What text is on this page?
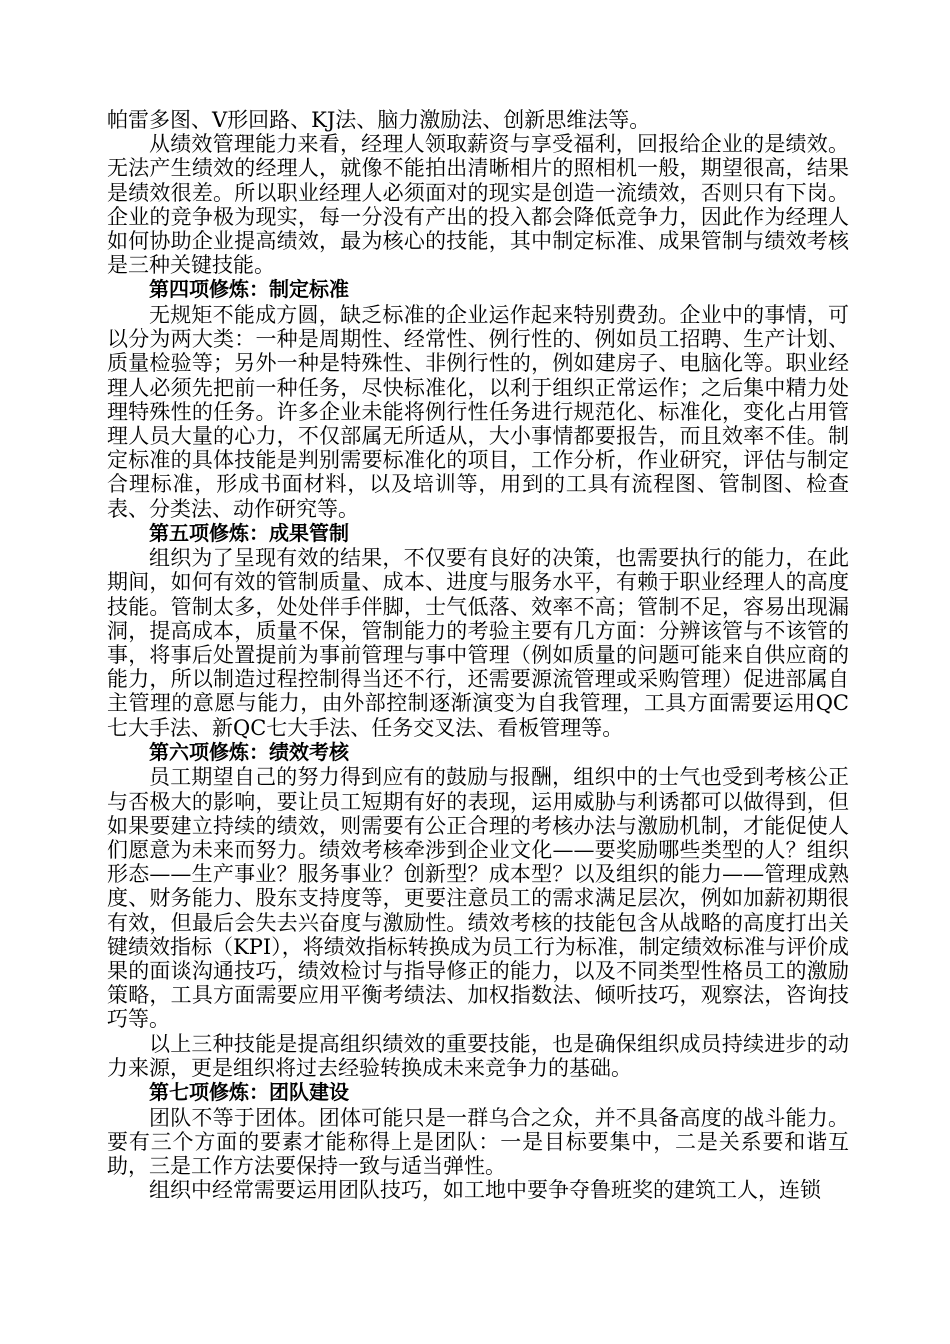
帕雷多图、V形回路、KJ法、脑力激励法、创新思维法等。

从绩效管理能力来看，经理人领取薪资与享受福利，回报给企业的是绩效。无法产生绩效的经理人，就像不能拍出清晰相片的照相机一般，期望很高，结果是绩效很差。所以职业经理人必须面对的现实是创造一流绩效，否则只有下岗。企业的竞争极为现实，每一分没有产出的投入都会降低竞争力，因此作为经理人如何协助企业提高绩效，最为核心的技能，其中制定标准、成果管制与绩效考核是三种关键技能。

第四项修炼：制定标准

无规矩不能成方圆，缺乏标准的企业运作起来特别费劲。企业中的事情，可以分为两大类：一种是周期性、经常性、例行性的、例如员工招聘、生产计划、质量检验等；另外一种是特殊性、非例行性的，例如建房子、电脑化等。职业经理人必须先把前一种任务，尽快标准化，以利于组织正常运作；之后集中精力处理特殊性的任务。许多企业未能将例行性任务进行规范化、标准化，变化占用管理人员大量的心力，不仅部属无所适从，大小事情都要报告，而且效率不佳。制定标准的具体技能是判别需要标准化的项目，工作分析，作业研究，评估与制定合理标准，形成书面材料，以及培训等，用到的工具有流程图、管制图、检查表、分类法、动作研究等。

第五项修炼：成果管制

组织为了呈现有效的结果，不仅要有良好的决策，也需要执行的能力，在此期间，如何有效的管制质量、成本、进度与服务水平，有赖于职业经理人的高度技能。管制太多，处处伴手伴脚，士气低落、效率不高；管制不足，容易出现漏洞，提高成本，质量不保，管制能力的考验主要有几方面：分辨该管与不该管的事，将事后处置提前为事前管理与事中管理（例如质量的问题可能来自供应商的能力，所以制造过程控制得当还不行，还需要源流管理或采购管理）促进部属自主管理的意愿与能力，由外部控制逐渐演变为自我管理，工具方面需要运用QC七大手法、新QC七大手法、任务交叉法、看板管理等。

第六项修炼：绩效考核

员工期望自己的努力得到应有的鼓励与报酬，组织中的士气也受到考核公正与否极大的影响，要让员工短期有好的表现，运用威胁与利诱都可以做得到，但如果要建立持续的绩效，则需要有公正合理的考核办法与激励机制，才能促使人们愿意为未来而努力。绩效考核牵涉到企业文化——要奖励哪些类型的人？组织形态——生产事业？服务事业？创新型？成本型？以及组织的能力——管理成熟度、财务能力、股东支持度等，更要注意员工的需求满足层次，例如加薪初期很有效，但最后会失去兴奋度与激励性。绩效考核的技能包含从战略的高度打出关键绩效指标（KPI），将绩效指标转换成为员工行为标准，制定绩效标准与评价成果的面谈沟通技巧，绩效检讨与指导修正的能力，以及不同类型性格员工的激励策略，工具方面需要应用平衡考绩法、加权指数法、倾听技巧，观察法，咨询技巧等。

以上三种技能是提高组织绩效的重要技能，也是确保组织成员持续进步的动力来源，更是组织将过去经验转换成未来竞争力的基础。

第七项修炼：团队建设

团队不等于团体。团体可能只是一群乌合之众，并不具备高度的战斗能力。要有三个方面的要素才能称得上是团队：一是目标要集中，二是关系要和谐互助，三是工作方法要保持一致与适当弹性。

组织中经常需要运用团队技巧，如工地中要争夺鲁班奖的建筑工人，连锁
